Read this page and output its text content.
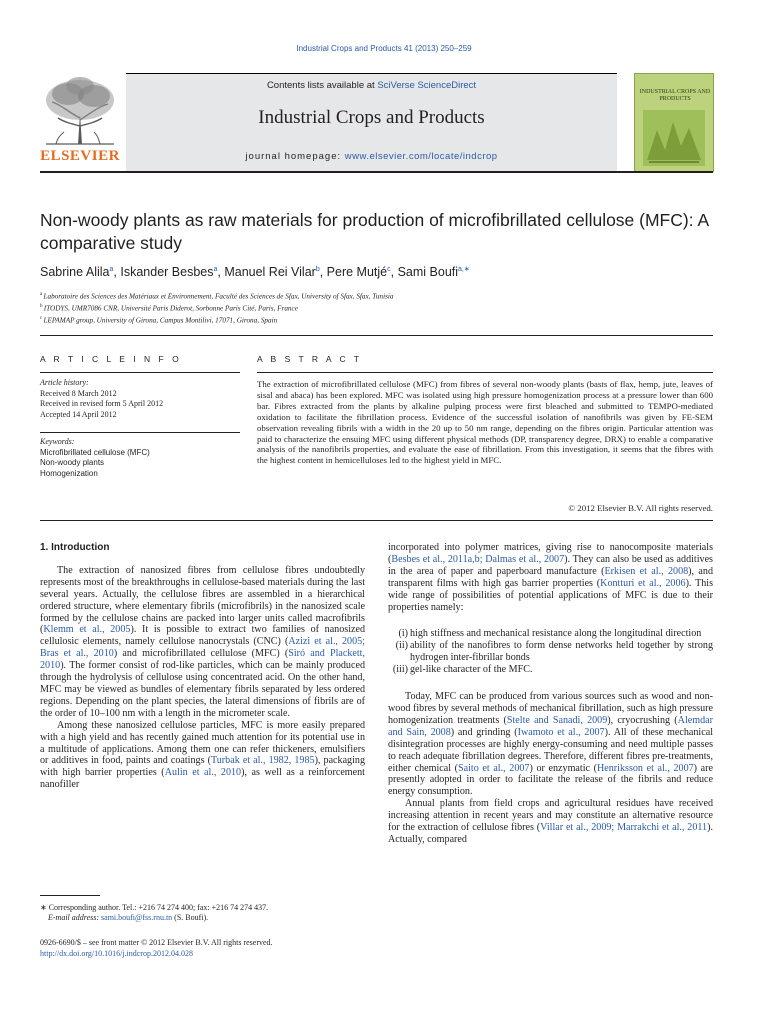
Industrial Crops and Products 41 (2013) 250–259
Contents lists available at SciVerse ScienceDirect
Industrial Crops and Products
journal homepage: www.elsevier.com/locate/indcrop
ELSEVIER
INDUSTRIAL CROPS AND PRODUCTS
Non-woody plants as raw materials for production of microfibrillated cellulose (MFC): A comparative study
Sabrine Alila$^a$, Iskander Besbes$^a$, Manuel Rei Vilar$^b$, Pere Mutjé$^c$, Sami Boufi$^{a,∗}$
$^a$ Laboratoire des Sciences des Matériaux et Environnement, Faculté des Sciences de Sfax, University of Sfax, Sfax, Tunisia
$^b$ ITODYS, UMR7086 CNR, Université Paris Diderot, Sorbonne Paris Cité, Paris, France
$^c$ LEPAMAP group, University of Girona, Campus Montilivi, 17071, Girona, Spain
A R T I C L E I N F O	A B S T R A C T
Article history:
Received 8 March 2012
Received in revised form 5 April 2012
Accepted 14 April 2012
Keywords:
Microfibrillated cellulose (MFC)
Non-woody plants
Homogenization
The extraction of microfibrillated cellulose (MFC) from fibres of several non-woody plants (basts of flax, hemp, jute, leaves of sisal and abaca) has been explored. MFC was isolated using high pressure homogenization process at a pressure lower than 600 bar. Fibres extracted from the plants by alkaline pulping process were first bleached and submitted to TEMPO-mediated oxidation to facilitate the fibrillation process. Evidence of the successful isolation of nanofibrils was given by FE-SEM observation revealing fibrils with a width in the 20 up to 50 nm range, depending on the fibres origin. Particular attention was paid to characterize the ensuing MFC using different physical methods (DP, transparency degree, DRX) to enable a comparative analysis of the nanofibrils properties, and evaluate the ease of fibrillation. From this investigation, it seems that the fibres with the highest content in hemicelluloses led to the highest yield in MFC.
© 2012 Elsevier B.V. All rights reserved.
1. Introduction

The extraction of nanosized fibres from cellulose fibres undoubtedly represents most of the breakthroughs in cellulose-based materials during the last several years. Actually, the cellulose fibres are assembled in a hierarchical ordered structure, where elementary fibrils (microfibrils) in the nanosized scale formed by the cellulose chains are packed into larger units called macrofibrils (Klemm et al., 2005). It is possible to extract two families of nanosized cellulosic elements, namely cellulose nanocrystals (CNC) (Azizi et al., 2005; Bras et al., 2010) and microfibrillated cellulose (MFC) (Siró and Plackett, 2010). The former consist of rod-like particles, which can be mainly produced through the hydrolysis of cellulose using concentrated acid. On the other hand, MFC may be viewed as bundles of elementary fibrils separated by less ordered regions. Depending on the plant species, the lateral dimensions of fibrils are of the order of 10–100 nm with a length in the micrometer scale.

Among these nanosized cellulose particles, MFC is more easily prepared with a high yield and has recently gained much attention for its potential use in a multitude of applications. Among them one can refer thickeners, emulsifiers or additives in food, paints and coatings (Turbak et al., 1982, 1985), packaging with high barrier properties (Aulin et al., 2010), as well as a reinforcement nanofiller

incorporated into polymer matrices, giving rise to nanocomposite materials (Besbes et al., 2011a,b; Dalmas et al., 2007). They can also be used as additives in the area of paper and paperboard manufacture (Erkisen et al., 2008), and transparent films with high gas barrier properties (Kontturi et al., 2006). This wide range of possibilities of potential applications of MFC is due to their properties namely:

(i) high stiffness and mechanical resistance along the longitudinal direction
(ii) ability of the nanofibres to form dense networks held together by strong hydrogen inter-fibrillar bonds
(iii) gel-like character of the MFC.

Today, MFC can be produced from various sources such as wood and non-wood fibres by several methods of mechanical fibrillation, such as high pressure homogenization treatments (Stelte and Sanadi, 2009), cryocrushing (Alemdar and Sain, 2008) and grinding (Iwamoto et al., 2007). All of these mechanical disintegration processes are highly energy-consuming and need multiple passes to reach adequate fibrillation degrees. Therefore, different fibres pre-treatments, either chemical (Saito et al., 2007) or enzymatic (Henriksson et al., 2007) are presently adopted in order to facilitate the release of the fibrils and reduce energy consumption.

Annual plants from field crops and agricultural residues have received increasing attention in recent years and may constitute an alternative resource for the extraction of cellulose fibres (Villar et al., 2009; Marrakchi et al., 2011). Actually, compared

∗ Corresponding author. Tel.: +216 74 274 400; fax: +216 74 274 437.
E-mail address: sami.boufi@fss.rnu.tn (S. Boufi).
0926-6690/$ – see front matter © 2012 Elsevier B.V. All rights reserved.
http://dx.doi.org/10.1016/j.indcrop.2012.04.028
